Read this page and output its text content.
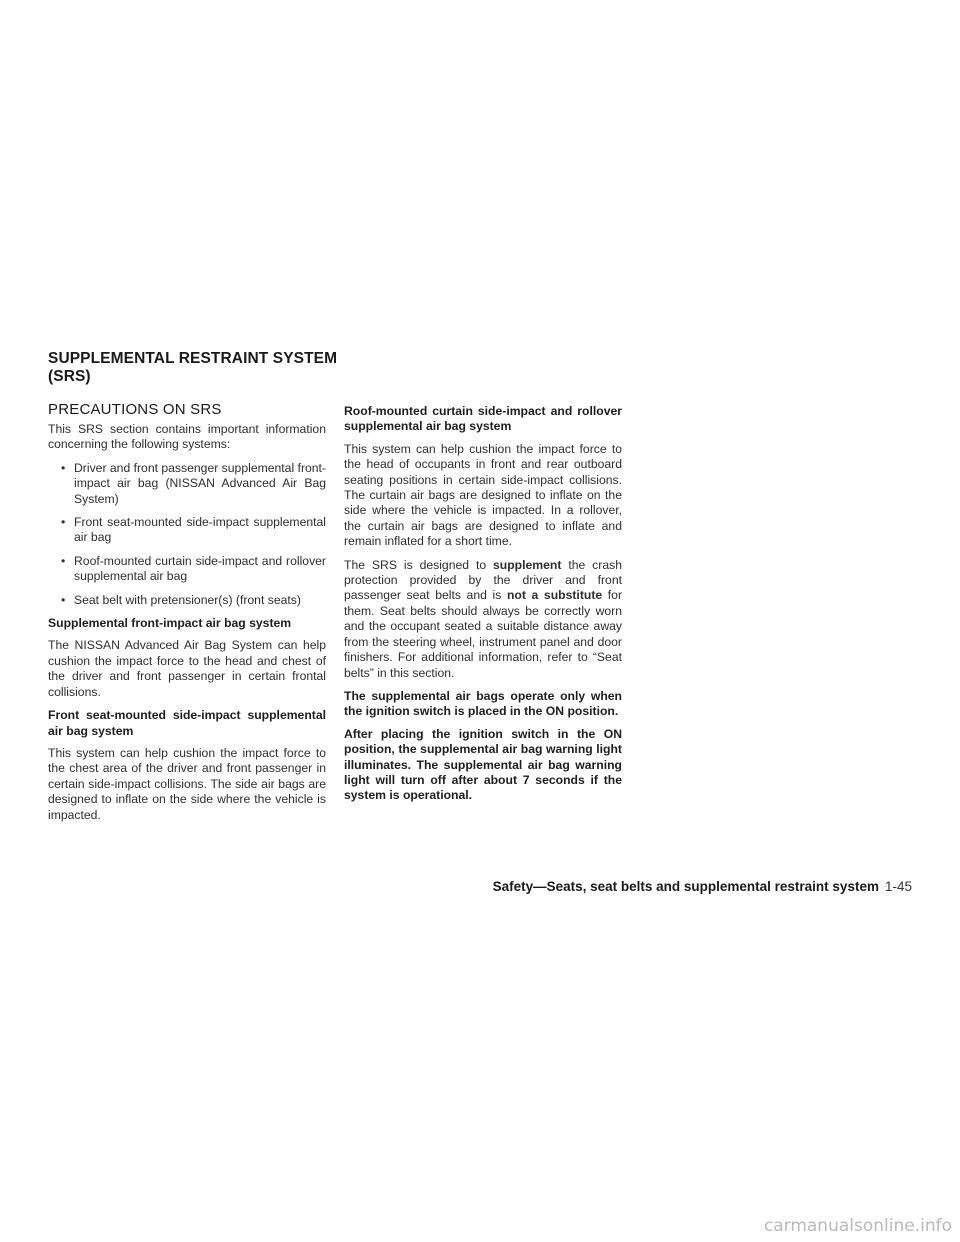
SUPPLEMENTAL RESTRAINT SYSTEM
(SRS)
PRECAUTIONS ON SRS

This SRS section contains important information concerning the following systems:

• Driver and front passenger supplemental front-impact air bag (NISSAN Advanced Air Bag System)
• Front seat-mounted side-impact supplemental air bag
• Roof-mounted curtain side-impact and rollover supplemental air bag
• Seat belt with pretensioner(s) (front seats)

Supplemental front-impact air bag system

The NISSAN Advanced Air Bag System can help cushion the impact force to the head and chest of the driver and front passenger in certain frontal collisions.

Front seat-mounted side-impact supplemental air bag system

This system can help cushion the impact force to the chest area of the driver and front passenger in certain side-impact collisions. The side air bags are designed to inflate on the side where the vehicle is impacted.

Roof-mounted curtain side-impact and rollover supplemental air bag system

This system can help cushion the impact force to the head of occupants in front and rear outboard seating positions in certain side-impact collisions. The curtain air bags are designed to inflate on the side where the vehicle is impacted. In a rollover, the curtain air bags are designed to inflate and remain inflated for a short time.

The SRS is designed to supplement the crash protection provided by the driver and front passenger seat belts and is not a substitute for them. Seat belts should always be correctly worn and the occupant seated a suitable distance away from the steering wheel, instrument panel and door finishers. For additional information, refer to “Seat belts” in this section.

The supplemental air bags operate only when the ignition switch is placed in the ON position.

After placing the ignition switch in the ON position, the supplemental air bag warning light illuminates. The supplemental air bag warning light will turn off after about 7 seconds if the system is operational.

Safety—Seats, seat belts and supplemental restraint system 1-45
carmanualsonline.info
